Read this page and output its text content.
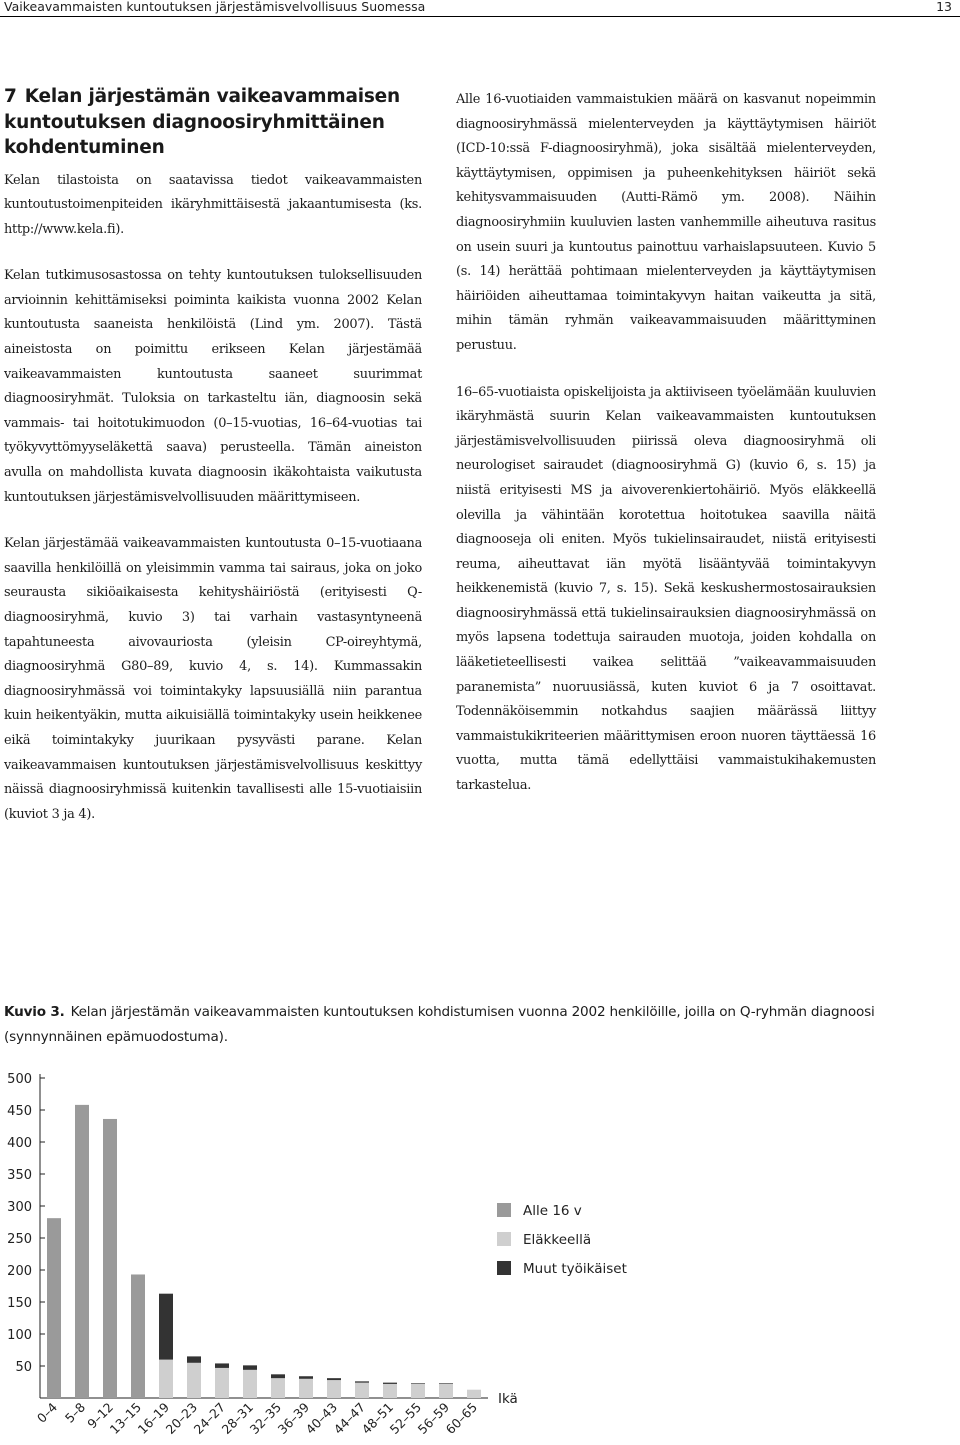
Vaikeavammaisten kuntoutuksen järjestämisvelvollisuus Suomessa	13
7 Kelan järjestämän vaikeavammaisen kuntoutuksen diagnoosiryhmittäinen kohdentuminen

Kelan tilastoista on saatavissa tiedot vaikeavammaisten kuntoutustoimenpiteiden ikäryhmittäisestä jakaantumisesta (ks. http://www.kela.fi).

Kelan tutkimusosastossa on tehty kuntoutuksen tuloksellisuuden arvioinnin kehittämiseksi poiminta kaikista vuonna 2002 Kelan kuntoutusta saaneista henkilöistä (Lind ym. 2007). Tästä aineistosta on poimittu erikseen Kelan järjestämää vaikeavammaisten kuntoutusta saaneet suurimmat diagnoosiryhmät. Tuloksia on tarkasteltu iän, diagnoosin sekä vammais- tai hoitotukimuodon (0–15-vuotias, 16–64-vuotias tai työkyvyttömyyseläkettä saava) perusteella. Tämän aineiston avulla on mahdollista kuvata diagnoosin ikäkohtaista vaikutusta kuntoutuksen järjestämisvelvollisuuden määrittymiseen.

Kelan järjestämää vaikeavammaisten kuntoutusta 0–15-vuotiaana saavilla henkilöillä on yleisimmin vamma tai sairaus, joka on joko seurausta sikiöaikaisesta kehityshäiriöstä (erityisesti Q-diagnoosiryhmä, kuvio 3) tai varhain vastasyntyneenä tapahtuneesta aivovauriosta (yleisin CP-oireyhtymä, diagnoosiryhmä G80–89, kuvio 4, s. 14). Kummassakin diagnoosiryhmässä voi toimintakyky lapsuusiällä niin parantua kuin heikentyäkin, mutta aikuisiällä toimintakyky usein heikkenee eikä toimintakyky juurikaan pysyvästi parane. Kelan vaikeavammaisen kuntoutuksen järjestämisvelvollisuus keskittyy näissä diagnoosiryhmissä kuitenkin tavallisesti alle 15-vuotiaisiin (kuviot 3 ja 4).

Alle 16-vuotiaiden vammaistukien määrä on kasvanut nopeimmin diagnoosiryhmässä mielenterveyden ja käyttäytymisen häiriöt (ICD-10:ssä F-diagnoosiryhmä), joka sisältää mielenterveyden, käyttäytymisen, oppimisen ja puheenkehityksen häiriöt sekä kehitysvammaisuuden (Autti-Rämö ym. 2008). Näihin diagnoosiryhmiin kuuluvien lasten vanhemmille aiheutuva rasitus on usein suuri ja kuntoutus painottuu varhaislapsuuteen. Kuvio 5 (s. 14) herättää pohtimaan mielenterveyden ja käyttäytymisen häiriöiden aiheuttamaa toimintakyvyn haitan vaikeutta ja sitä, mihin tämän ryhmän vaikeavammaisuuden määrittyminen perustuu.

16–65-vuotiaista opiskelijoista ja aktiiviseen työelämään kuuluvien ikäryhmästä suurin Kelan vaikeavammaisten kuntoutuksen järjestämisvelvollisuuden piirissä oleva diagnoosiryhmä oli neurologiset sairaudet (diagnoosiryhmä G) (kuvio 6, s. 15) ja niistä erityisesti MS ja aivoverenkiertohäiriö. Myös eläkkeellä olevilla ja vähintään korotettua hoitotukea saavilla näitä diagnooseja oli eniten. Myös tukielinsairaudet, niistä erityisesti reuma, aiheuttavat iän myötä lisääntyvää toimintakyvyn heikkenemistä (kuvio 7, s. 15). Sekä keskushermostosairauksien diagnoosiryhmässä että tukielinsairauksien diagnoosiryhmässä on myös lapsena todettuja sairauden muotoja, joiden kohdalla on lääketieteellisesti vaikea selittää ”vaikeavammaisuuden paranemista” nuoruusiässä, kuten kuviot 6 ja 7 osoittavat. Todennäköisemmin notkahdus saajien määrässä liittyy vammaistukikriteerien määrittymisen eroon nuoren täyttäessä 16 vuotta, mutta tämä edellyttäisi vammaistukihakemusten tarkastelua.

Kuvio 3. Kelan järjestämän vaikeavammaisten kuntoutuksen kohdistumisen vuonna 2002 henkilöille, joilla on Q-ryhmän diagnoosi (synnynnäinen epämuodostuma).
50
100
150
200
250
300
350
400
450
500
0–4 5–8
9–12
13–15
16–19
20–23
24–27
28–31
32–35
36–39
40–43
44–47
48–51
52–55
56–59
60–65
Ikä
Alle 16 v
Eläkkeellä
Muut työikäiset
